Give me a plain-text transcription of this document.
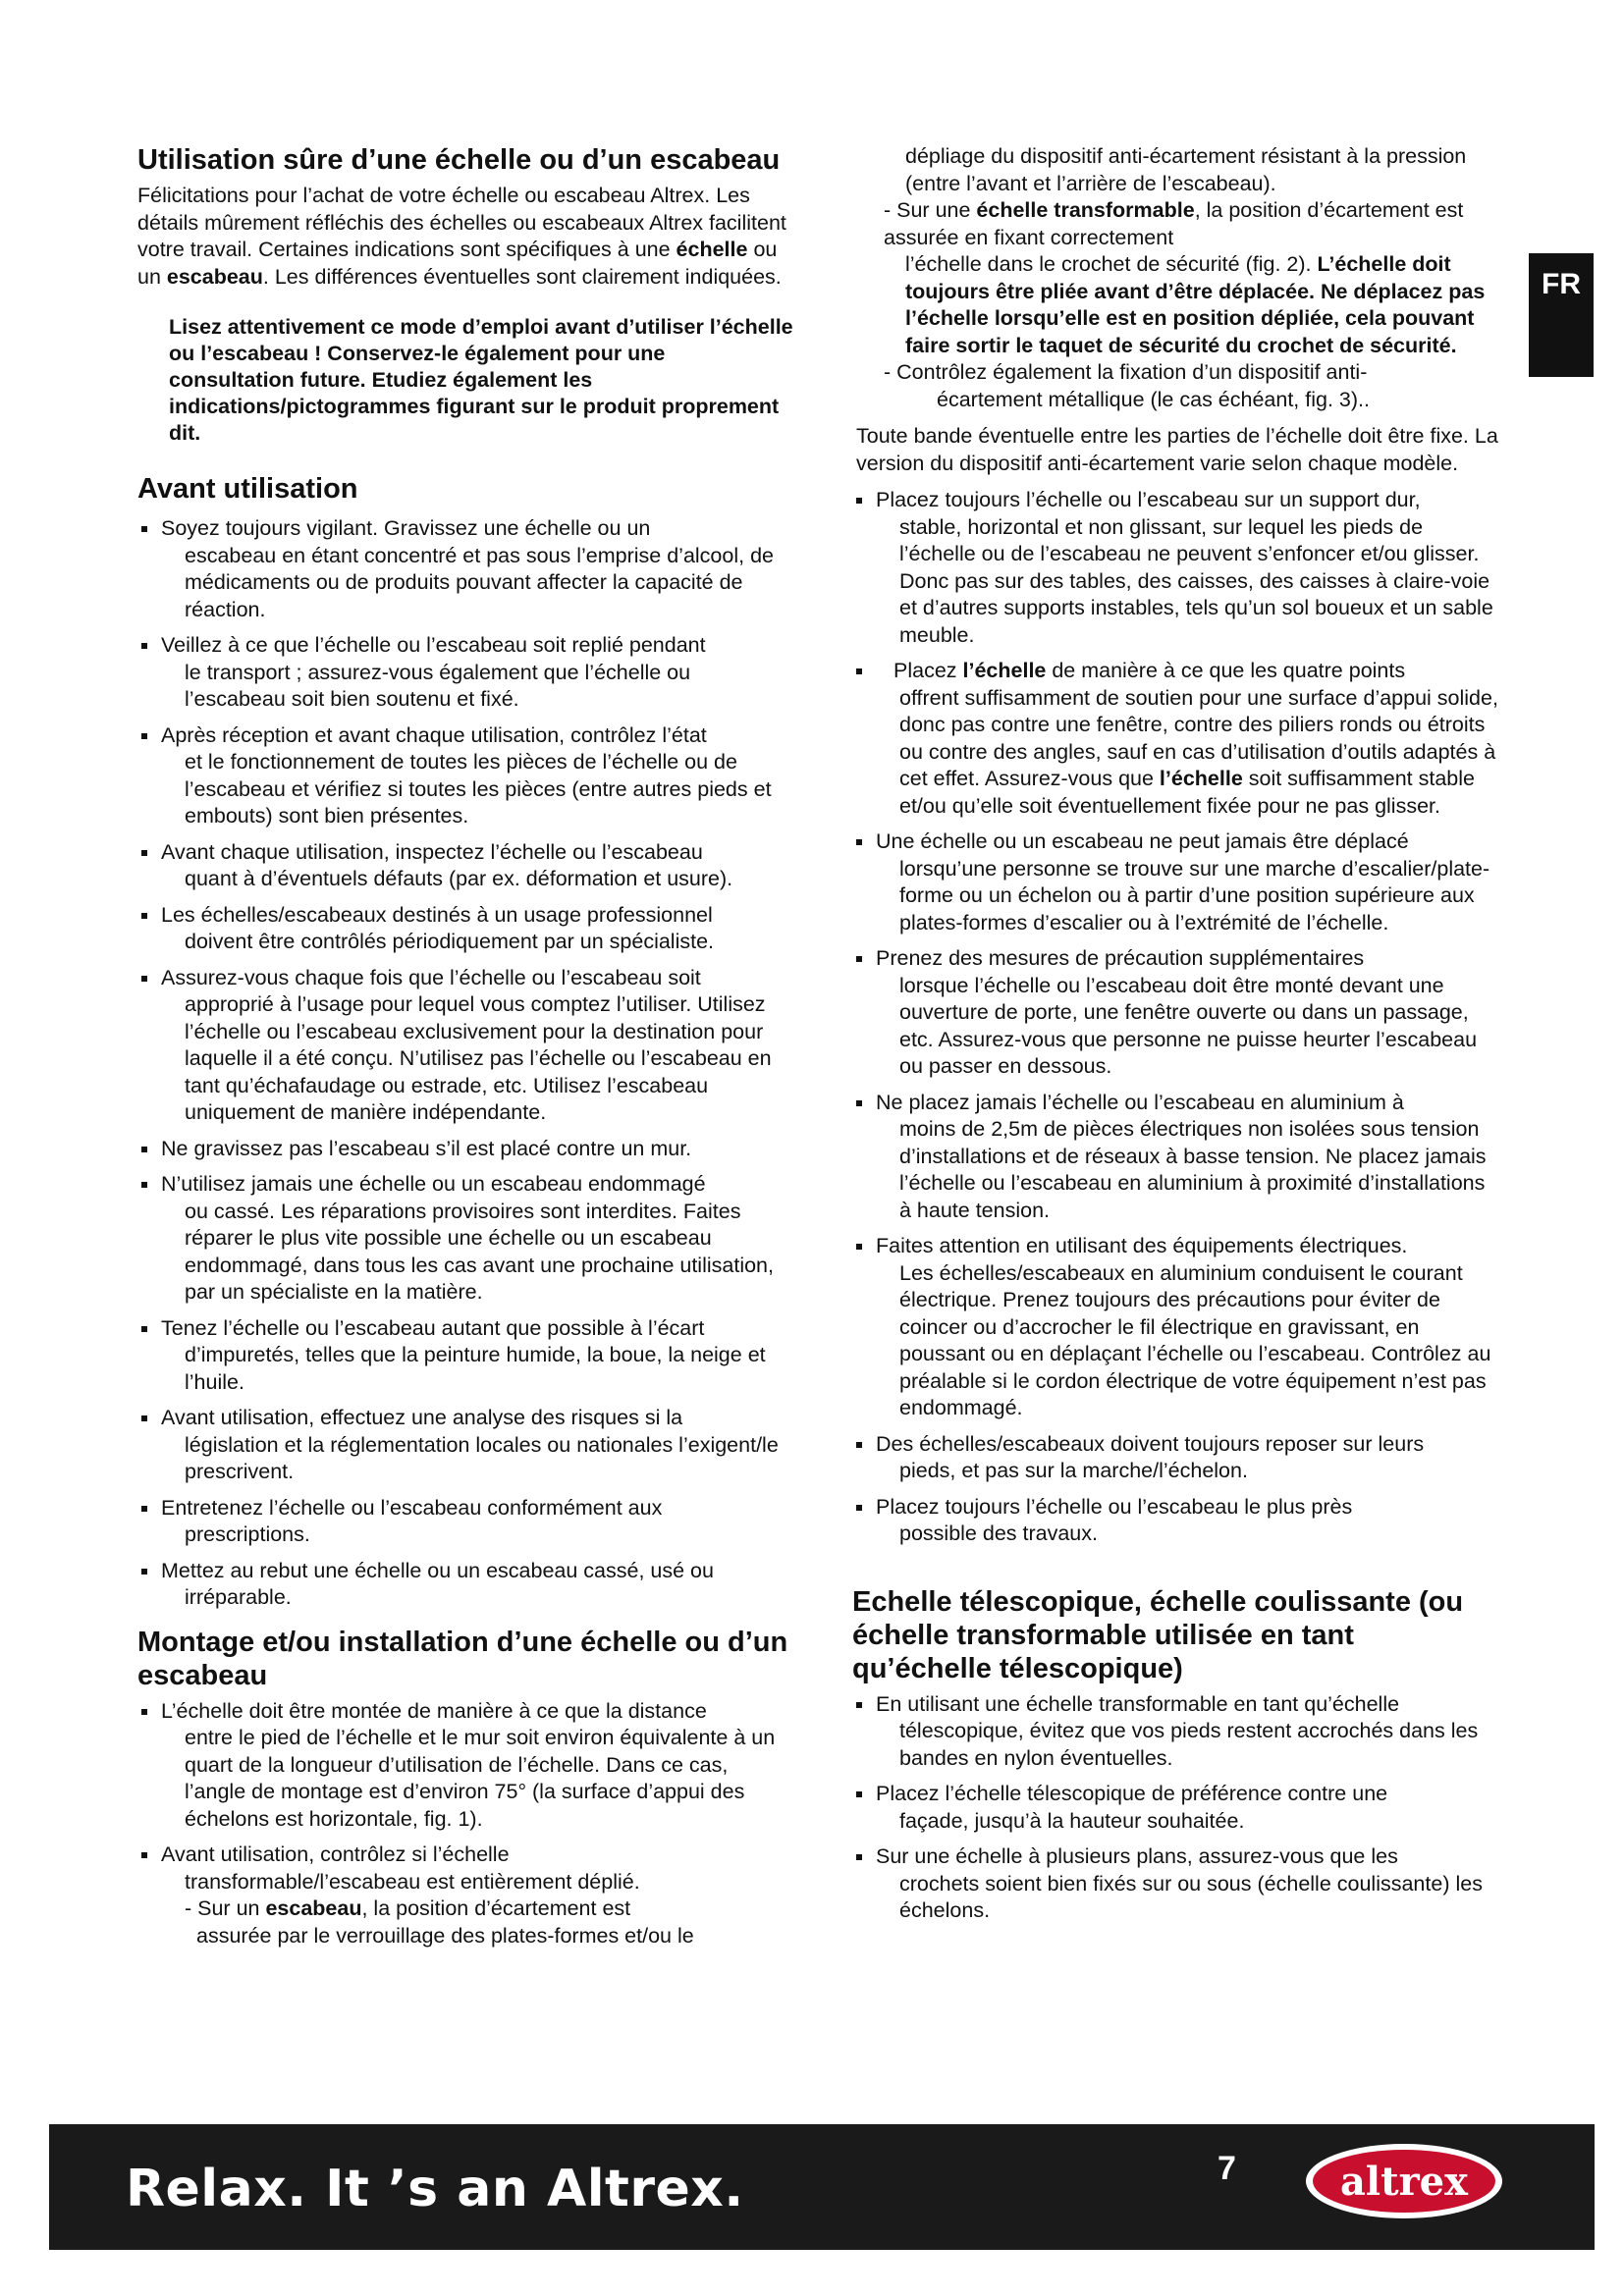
Utilisation sûre d’une échelle ou d’un escabeau

Félicitations pour l’achat de votre échelle ou escabeau Altrex. Les détails mûrement réfléchis des échelles ou escabeaux Altrex facilitent votre travail. Certaines indications sont spécifiques à une échelle ou un escabeau. Les différences éventuelles sont clairement indiquées.

Lisez attentivement ce mode d’emploi avant d’utiliser l’échelle ou l’escabeau ! Conservez-le également pour une consultation future. Etudiez également les indications/pictogrammes figurant sur le produit proprement dit.

Avant utilisation
Soyez toujours vigilant. Gravissez une échelle ou un
escabeau en étant concentré et pas sous l’emprise d’alcool, de médicaments ou de produits pouvant affecter la capacité de réaction.
Veillez à ce que l’échelle ou l’escabeau soit replié pendant
le transport ; assurez-vous également que l’échelle ou l’escabeau soit bien soutenu et fixé.
Après réception et avant chaque utilisation, contrôlez l’état
et le fonctionnement de toutes les pièces de l’échelle ou de l’escabeau et vérifiez si toutes les pièces (entre autres pieds et embouts) sont bien présentes.
Avant chaque utilisation, inspectez l’échelle ou l’escabeau
quant à d’éventuels défauts (par ex. déformation et usure).
Les échelles/escabeaux destinés à un usage professionnel
doivent être contrôlés périodiquement par un spécialiste.
Assurez-vous chaque fois que l’échelle ou l’escabeau soit
approprié à l’usage pour lequel vous comptez l’utiliser. Utilisez l’échelle ou l’escabeau exclusivement pour la destination pour laquelle il a été conçu. N’utilisez pas l’échelle ou l’escabeau en tant qu’échafaudage ou estrade, etc. Utilisez l’escabeau uniquement de manière indépendante.
Ne gravissez pas l’escabeau s’il est placé contre un mur.
N’utilisez jamais une échelle ou un escabeau endommagé
ou cassé. Les réparations provisoires sont interdites. Faites réparer le plus vite possible une échelle ou un escabeau endommagé, dans tous les cas avant une prochaine utilisation, par un spécialiste en la matière.
Tenez l’échelle ou l’escabeau autant que possible à l’écart
d’impuretés, telles que la peinture humide, la boue, la neige et l’huile.
Avant utilisation, effectuez une analyse des risques si la
législation et la réglementation locales ou nationales l’exigent/le prescrivent.
Entretenez l’échelle ou l’escabeau conformément aux
prescriptions.
Mettez au rebut une échelle ou un escabeau cassé, usé ou
irréparable.
Montage et/ou installation d’une échelle ou d’un escabeau
L’échelle doit être montée de manière à ce que la distance
entre le pied de l’échelle et le mur soit environ équivalente à un quart de la longueur d’utilisation de l’échelle. Dans ce cas, l’angle de montage est d’environ 75° (la surface d’appui des échelons est horizontale, fig. 1).
Avant utilisation, contrôlez si l’échelle
transformable/l’escabeau est entièrement déplié.
- Sur un escabeau, la position d’écartement est
assurée par le verrouillage des plates-formes et/ou le

dépliage du dispositif anti-écartement résistant à la pression (entre l’avant et l’arrière de l’escabeau).

- Sur une échelle transformable, la position d’écartement est assurée en fixant correctement

l’échelle dans le crochet de sécurité (fig. 2). L’échelle doit toujours être pliée avant d’être déplacée. Ne déplacez pas l’échelle lorsqu’elle est en position dépliée, cela pouvant faire sortir le taquet de sécurité du crochet de sécurité.

- Contrôlez également la fixation d’un dispositif anti-

écartement métallique (le cas échéant, fig. 3)..

Toute bande éventuelle entre les parties de l’échelle doit être fixe. La version du dispositif anti-écartement varie selon chaque modèle.

Placez toujours l’échelle ou l’escabeau sur un support dur,
stable, horizontal et non glissant, sur lequel les pieds de l’échelle ou de l’escabeau ne peuvent s’enfoncer et/ou glisser. Donc pas sur des tables, des caisses, des caisses à claire-voie et d’autres supports instables, tels qu’un sol boueux et un sable meuble.
Placez l’échelle de manière à ce que les quatre points
offrent suffisamment de soutien pour une surface d’appui solide, donc pas contre une fenêtre, contre des piliers ronds ou étroits ou contre des angles, sauf en cas d’utilisation d’outils adaptés à cet effet. Assurez-vous que l’échelle soit suffisamment stable et/ou qu’elle soit éventuellement fixée pour ne pas glisser.
Une échelle ou un escabeau ne peut jamais être déplacé
lorsqu’une personne se trouve sur une marche d’escalier/plate-forme ou un échelon ou à partir d’une position supérieure aux plates-formes d’escalier ou à l’extrémité de l’échelle.
Prenez des mesures de précaution supplémentaires
lorsque l’échelle ou l’escabeau doit être monté devant une ouverture de porte, une fenêtre ouverte ou dans un passage, etc. Assurez-vous que personne ne puisse heurter l’escabeau ou passer en dessous.
Ne placez jamais l’échelle ou l’escabeau en aluminium à
moins de 2,5m de pièces électriques non isolées sous tension d’installations et de réseaux à basse tension. Ne placez jamais l’échelle ou l’escabeau en aluminium à proximité d’installations à haute tension.
Faites attention en utilisant des équipements électriques.
Les échelles/escabeaux en aluminium conduisent le courant électrique. Prenez toujours des précautions pour éviter de coincer ou d’accrocher le fil électrique en gravissant, en poussant ou en déplaçant l’échelle ou l’escabeau. Contrôlez au préalable si le cordon électrique de votre équipement n’est pas endommagé.
Des échelles/escabeaux doivent toujours reposer sur leurs
pieds, et pas sur la marche/l’échelon.
Placez toujours l’échelle ou l’escabeau le plus près
possible des travaux.
Echelle télescopique, échelle coulissante (ou échelle transformable utilisée en tant qu’échelle télescopique)
En utilisant une échelle transformable en tant qu’échelle
télescopique, évitez que vos pieds restent accrochés dans les bandes en nylon éventuelles.
Placez l’échelle télescopique de préférence contre une
façade, jusqu’à la hauteur souhaitée.
Sur une échelle à plusieurs plans, assurez-vous que les
crochets soient bien fixés sur ou sous (échelle coulissante) les échelons.
FR
Relax. It ’s an Altrex.	7	altrex
